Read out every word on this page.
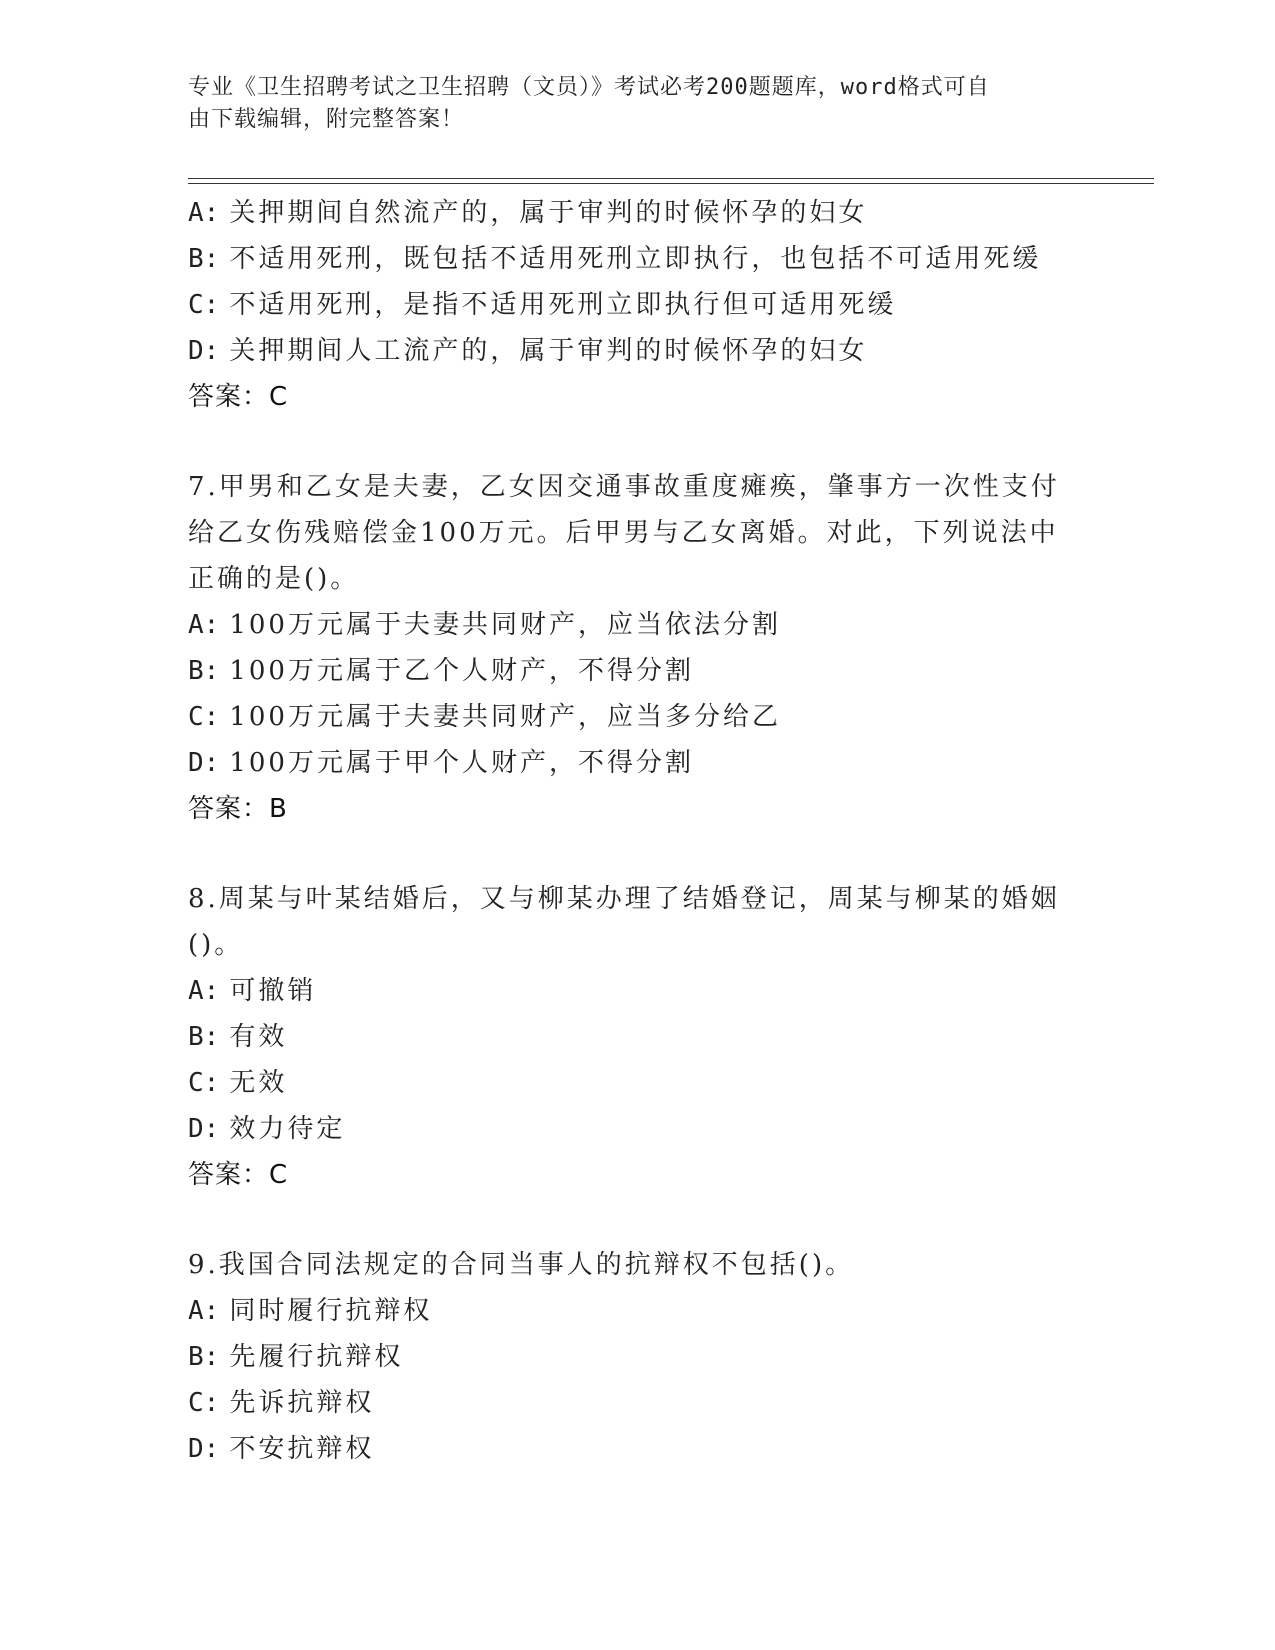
专业《卫生招聘考试之卫生招聘（文员）》考试必考200题题库，word格式可自
由下载编辑，附完整答案！
A: 关押期间自然流产的，属于审判的时候怀孕的妇女
B: 不适用死刑，既包括不适用死刑立即执行，也包括不可适用死缓
C: 不适用死刑，是指不适用死刑立即执行但可适用死缓
D: 关押期间人工流产的，属于审判的时候怀孕的妇女
答案：C
7.甲男和乙女是夫妻，乙女因交通事故重度瘫痪，肇事方一次性支付
给乙女伤残赔偿金100万元。后甲男与乙女离婚。对此，下列说法中
正确的是()。
A: 100万元属于夫妻共同财产，应当依法分割
B: 100万元属于乙个人财产，不得分割
C: 100万元属于夫妻共同财产，应当多分给乙
D: 100万元属于甲个人财产，不得分割
答案：B
8.周某与叶某结婚后，又与柳某办理了结婚登记，周某与柳某的婚姻
()。
A: 可撤销
B: 有效
C: 无效
D: 效力待定
答案：C
9.我国合同法规定的合同当事人的抗辩权不包括()。
A: 同时履行抗辩权
B: 先履行抗辩权
C: 先诉抗辩权
D: 不安抗辩权
